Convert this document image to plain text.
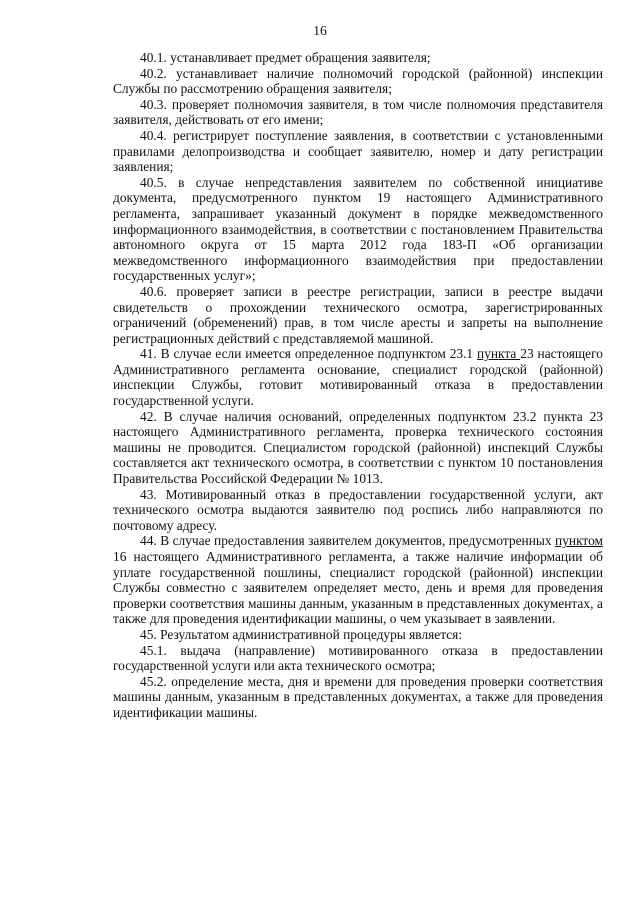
16

40.1. устанавливает предмет обращения заявителя;

40.2. устанавливает наличие полномочий городской (районной) инспекции Службы по рассмотрению обращения заявителя;

40.3. проверяет полномочия заявителя, в том числе полномочия представителя заявителя, действовать от его имени;

40.4. регистрирует поступление заявления, в соответствии с установленными правилами делопроизводства и сообщает заявителю, номер и дату регистрации заявления;

40.5. в случае непредставления заявителем по собственной инициативе документа, предусмотренного пунктом 19 настоящего Административного регламента, запрашивает указанный документ в порядке межведомственного информационного взаимодействия, в соответствии с постановлением Правительства автономного округа от 15 марта 2012 года 183-П «Об организации межведомственного информационного взаимодействия при предоставлении государственных услуг»;

40.6. проверяет записи в реестре регистрации, записи в реестре выдачи свидетельств о прохождении технического осмотра, зарегистрированных ограничений (обременений) прав, в том числе аресты и запреты на выполнение регистрационных действий с представляемой машиной.

41. В случае если имеется определенное подпунктом 23.1 пункта 23 настоящего Административного регламента основание, специалист городской (районной) инспекции Службы, готовит мотивированный отказа в предоставлении государственной услуги.

42. В случае наличия оснований, определенных подпунктом 23.2 пункта 23 настоящего Административного регламента, проверка технического состояния машины не проводится. Специалистом городской (районной) инспекций Службы составляется акт технического осмотра, в соответствии с пунктом 10 постановления Правительства Российской Федерации № 1013.

43. Мотивированный отказ в предоставлении государственной услуги, акт технического осмотра выдаются заявителю под роспись либо направляются по почтовому адресу.

44. В случае предоставления заявителем документов, предусмотренных пунктом 16 настоящего Административного регламента, а также наличие информации об уплате государственной пошлины, специалист городской (районной) инспекции Службы совместно с заявителем определяет место, день и время для проведения проверки соответствия машины данным, указанным в представленных документах, а также для проведения идентификации машины, о чем указывает в заявлении.

45. Результатом административной процедуры является:

45.1. выдача (направление) мотивированного отказа в предоставлении государственной услуги или акта технического осмотра;

45.2. определение места, дня и времени для проведения проверки соответствия машины данным, указанным в представленных документах, а также для проведения идентификации машины.
